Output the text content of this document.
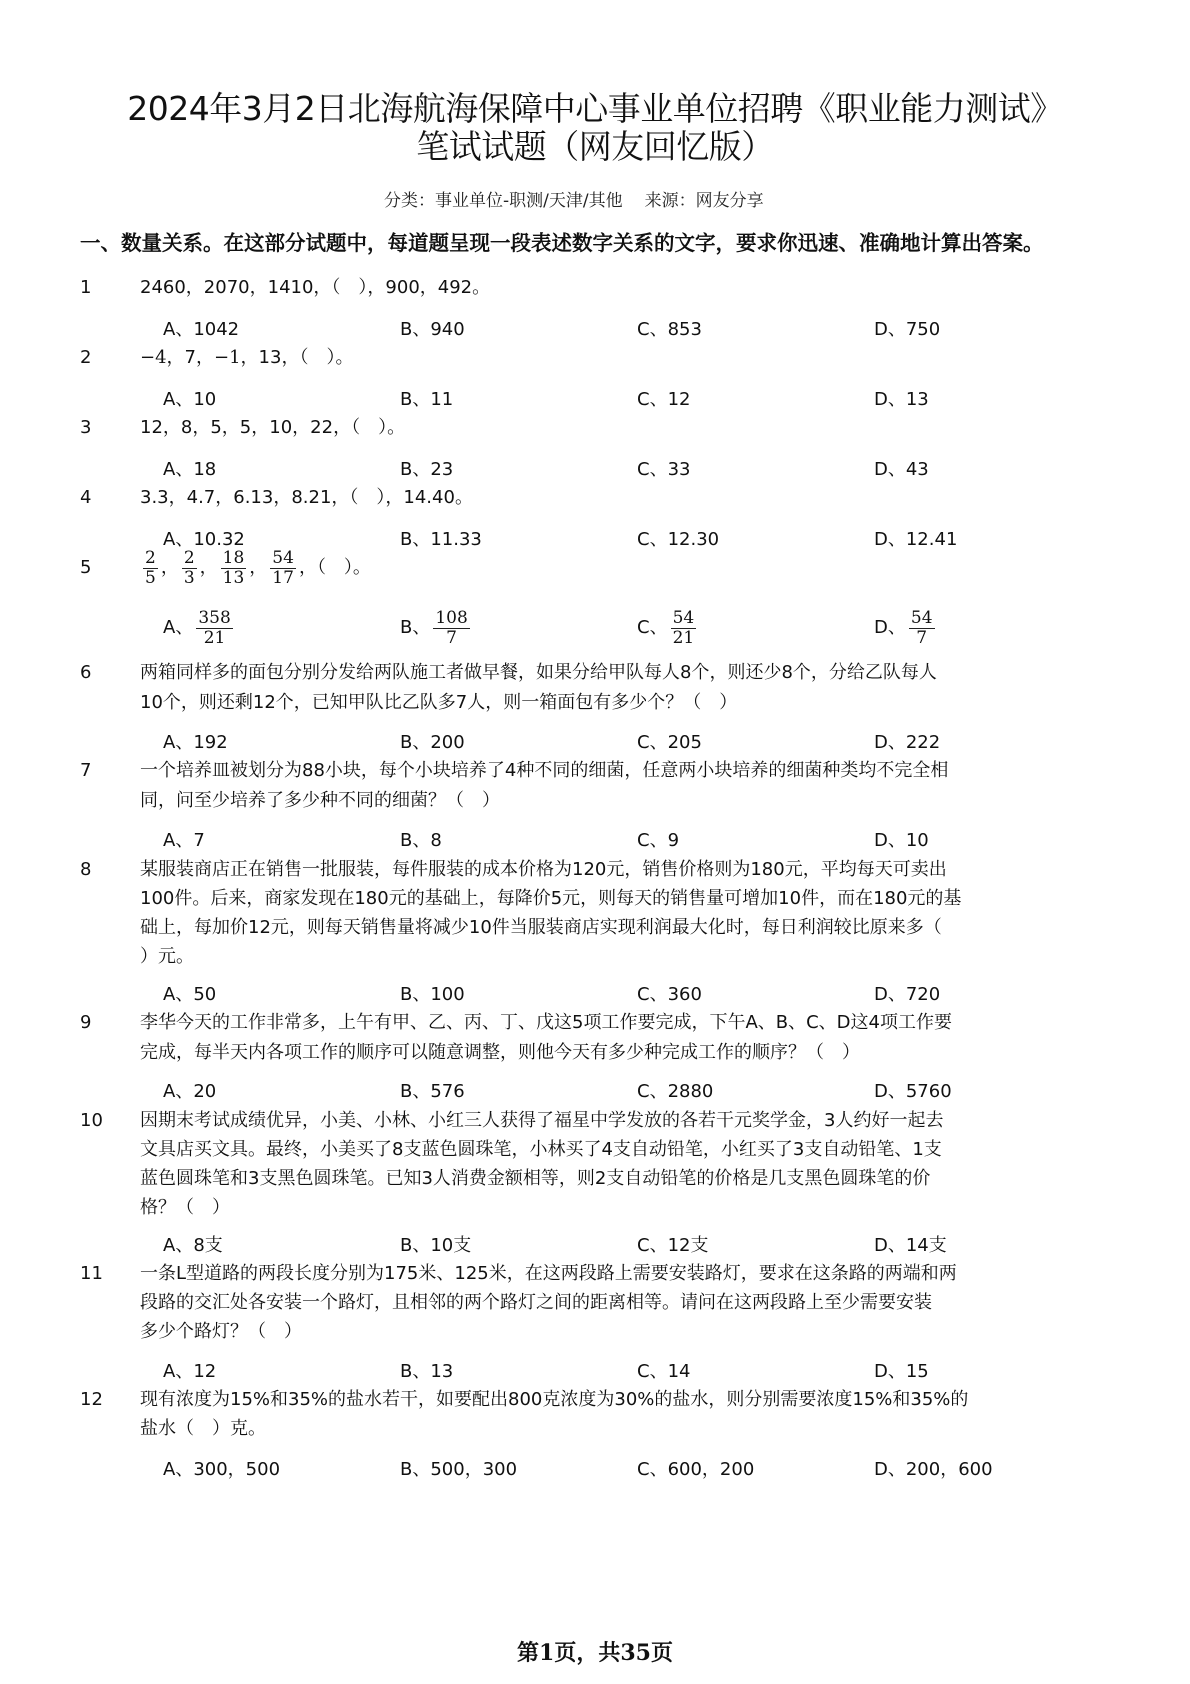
2024年3月2日北海航海保障中心事业单位招聘《职业能力测试》
笔试试题（网友回忆版）
分类：事业单位-职测/天津/其他 来源：网友分享
一、数量关系。在这部分试题中，每道题呈现一段表述数字关系的文字，要求你迅速、准确地计算出答案。
1	2460，2070，1410，（　），900，492。
A、1042	B、940	C、853	D、750
2	−4，7，−1，13，（　）。
A、10	B、11	C、12	D、13
3	12，8，5，5，10，22，（　）。
A、18	B、23	C、33	D、43
4	3.3，4.7，6.13，8.21，（　），14.40。
A、10.32	B、11.33	C、12.30	D、12.41
5	$\frac{2}{5}$ ， $\frac{2}{3}$ ， $\frac{18}{13}$ ， $\frac{54}{17}$ ，（　）。
A、 $\frac{358}{21}$	B、 $\frac{108}{7}$	C、 $\frac{54}{21}$	D、 $\frac{54}{7}$
6	两箱同样多的面包分别分发给两队施工者做早餐，如果分给甲队每人8个，则还少8个，分给乙队每人
10个，则还剩12个，已知甲队比乙队多7人，则一箱面包有多少个？（　）
A、192	B、200	C、205	D、222
7	一个培养皿被划分为88小块，每个小块培养了4种不同的细菌，任意两小块培养的细菌种类均不完全相
同，问至少培养了多少种不同的细菌？（　）
A、7	B、8	C、9	D、10
8	某服装商店正在销售一批服装，每件服装的成本价格为120元，销售价格则为180元，平均每天可卖出
100件。后来，商家发现在180元的基础上，每降价5元，则每天的销售量可增加10件，而在180元的基
础上，每加价12元，则每天销售量将减少10件当服装商店实现利润最大化时，每日利润较比原来多（
）元。
A、50	B、100	C、360	D、720
9	李华今天的工作非常多，上午有甲、乙、丙、丁、戊这5项工作要完成，下午A、B、C、D这4项工作要
完成，每半天内各项工作的顺序可以随意调整，则他今天有多少种完成工作的顺序？（　）
A、20	B、576	C、2880	D、5760
10 因期末考试成绩优异，小美、小林、小红三人获得了福星中学发放的各若干元奖学金，3人约好一起去
文具店买文具。最终，小美买了8支蓝色圆珠笔，小林买了4支自动铅笔，小红买了3支自动铅笔、1支
蓝色圆珠笔和3支黑色圆珠笔。已知3人消费金额相等，则2支自动铅笔的价格是几支黑色圆珠笔的价
格？（　）
A、8支	B、10支	C、12支	D、14支
11 一条L型道路的两段长度分别为175米、125米，在这两段路上需要安装路灯，要求在这条路的两端和两
段路的交汇处各安装一个路灯，且相邻的两个路灯之间的距离相等。请问在这两段路上至少需要安装
多少个路灯？（　）
A、12	B、13	C、14	D、15
12 现有浓度为15%和35%的盐水若干，如要配出800克浓度为30%的盐水，则分别需要浓度15%和35%的
盐水（　）克。
A、300，500	B、500，300	C、600，200	D、200，600
第1页，共35页
